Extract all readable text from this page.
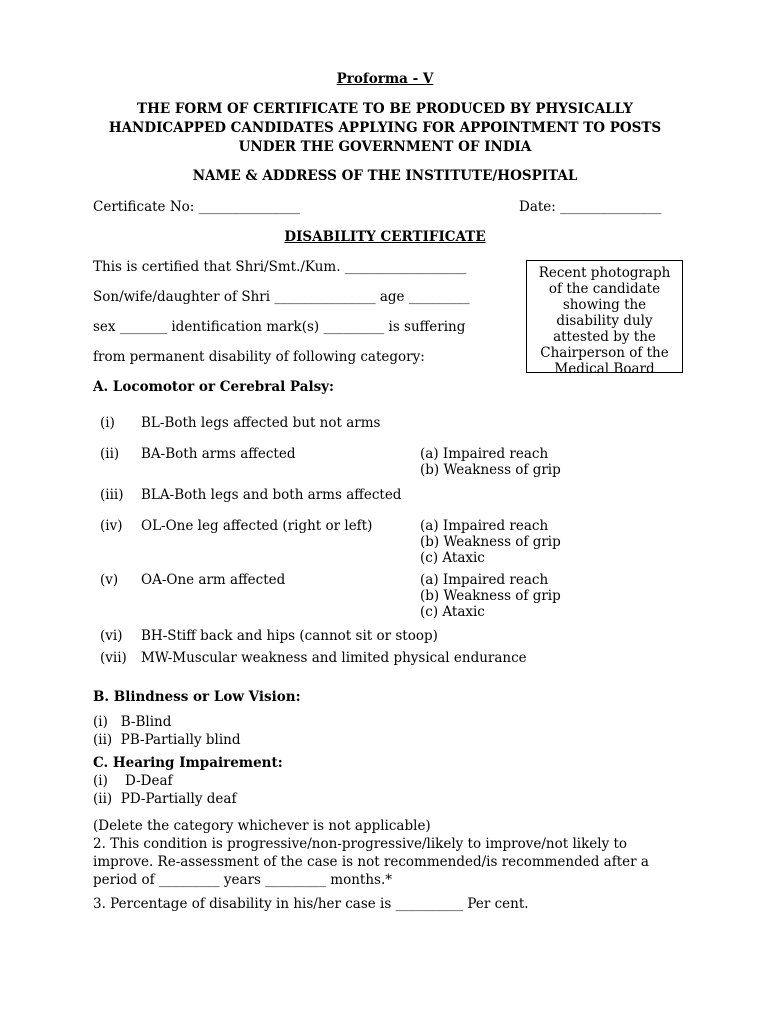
Proforma - V
THE FORM OF CERTIFICATE TO BE PRODUCED BY PHYSICALLY
HANDICAPPED CANDIDATES APPLYING FOR APPOINTMENT TO POSTS
UNDER THE GOVERNMENT OF INDIA
NAME & ADDRESS OF THE INSTITUTE/HOSPITAL
Certificate No: _______________	Date: _______________
DISABILITY CERTIFICATE
This is certified that Shri/Smt./Kum. __________________
Son/wife/daughter of Shri _______________ age _________
sex _______ identification mark(s) _________ is suffering
from permanent disability of following category:
Recent photograph
of the candidate
showing the
disability duly
attested by the
Chairperson of the
Medical Board
A. Locomotor or Cerebral Palsy:
(i) BL-Both legs affected but not arms
(ii) BA-Both arms affected	(a) Impaired reach
(b) Weakness of grip
(iii) BLA-Both legs and both arms affected
(iv) OL-One leg affected (right or left)	(a) Impaired reach
(b) Weakness of grip
(c) Ataxic
(v) OA-One arm affected	(a) Impaired reach
(b) Weakness of grip
(c) Ataxic
(vi) BH-Stiff back and hips (cannot sit or stoop)
(vii) MW-Muscular weakness and limited physical endurance
B. Blindness or Low Vision:
(i)   B-Blind
(ii)  PB-Partially blind
C. Hearing Impairement:
(i)    D-Deaf
(ii)  PD-Partially deaf
(Delete the category whichever is not applicable)
2. This condition is progressive/non-progressive/likely to improve/not likely to
improve. Re-assessment of the case is not recommended/is recommended after a
period of _________ years _________ months.*
3. Percentage of disability in his/her case is __________ Per cent.
